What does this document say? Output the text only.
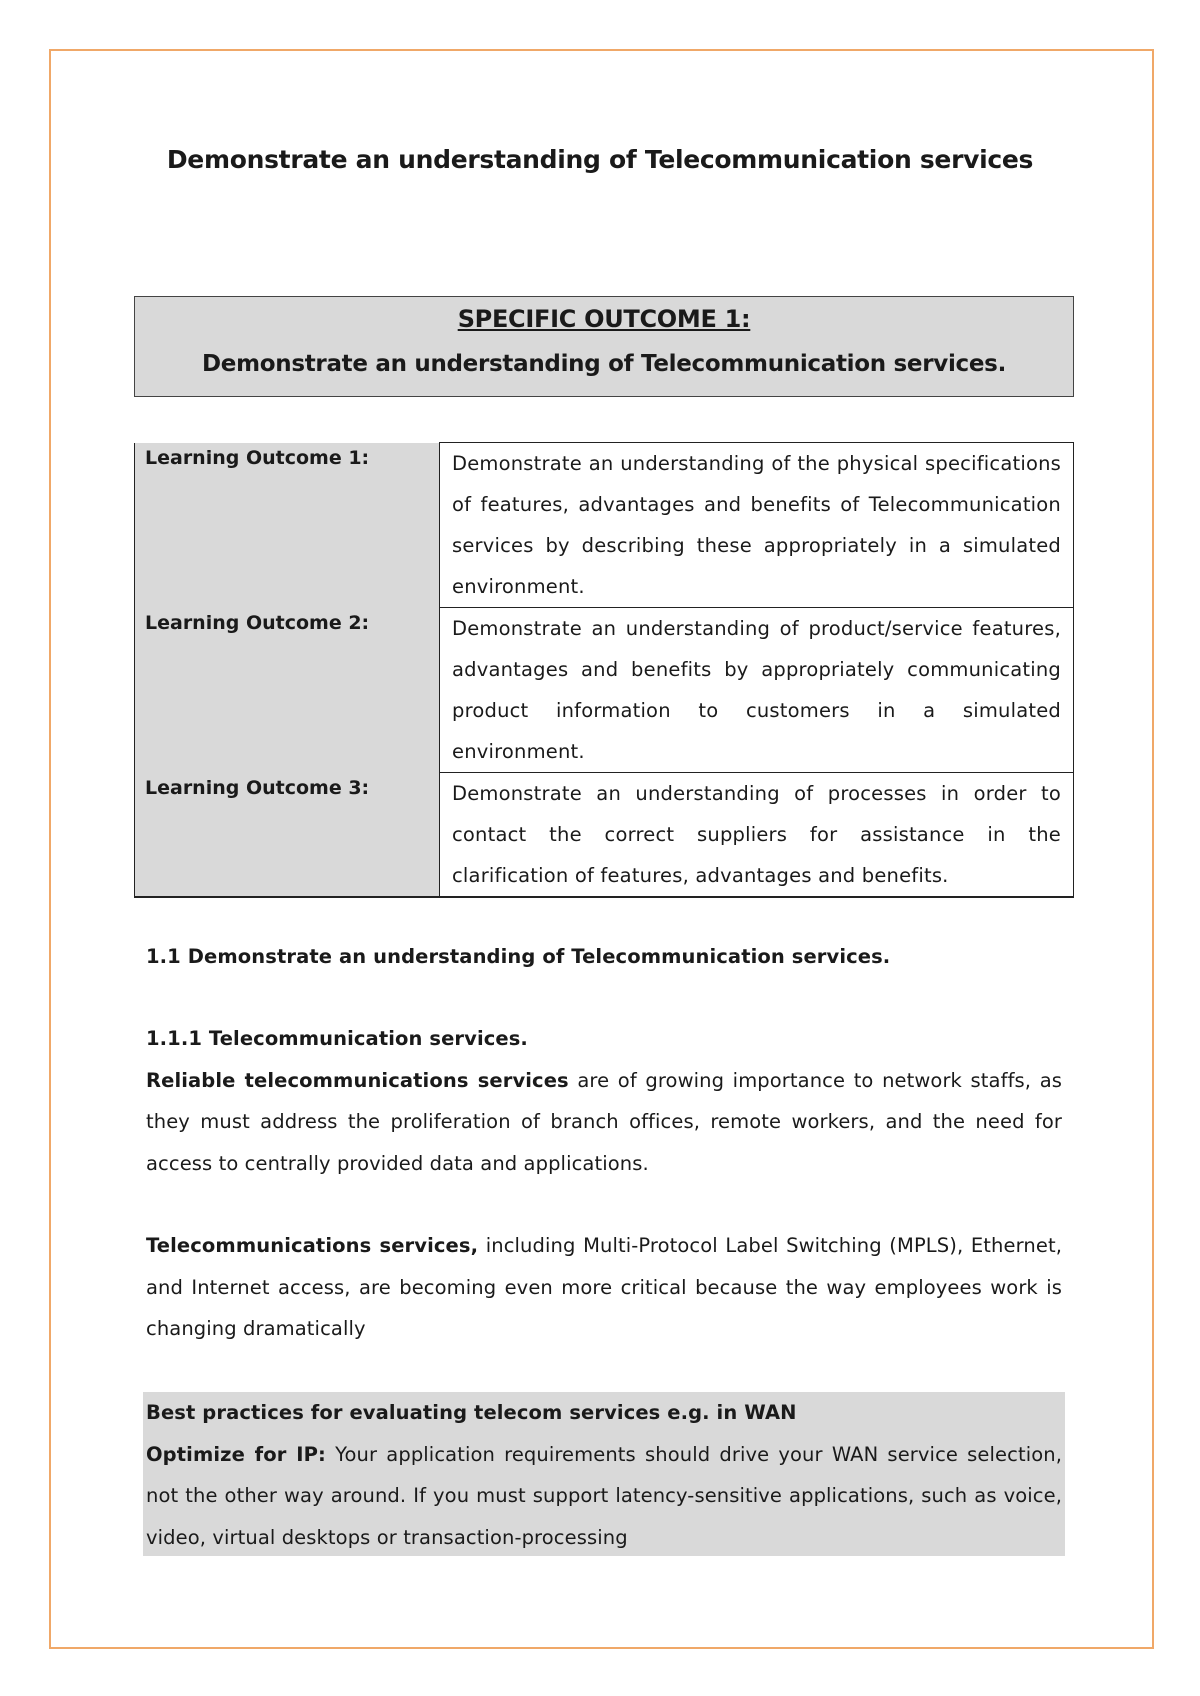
Demonstrate an understanding of Telecommunication services
SPECIFIC OUTCOME 1:
Demonstrate an understanding of Telecommunication services.
Learning Outcome 1:	Demonstrate an understanding of the physical specifications of features, advantages and benefits of Telecommunication services by describing these appropriately in a simulated environment.
Learning Outcome 2:	Demonstrate an understanding of product/service features, advantages and benefits by appropriately communicating product information to customers in a simulated environment.
Learning Outcome 3:	Demonstrate an understanding of processes in order to contact the correct suppliers for assistance in the clarification of features, advantages and benefits.
1.1 Demonstrate an understanding of Telecommunication services.
1.1.1 Telecommunication services.
Reliable telecommunications services are of growing importance to network staffs, as they must address the proliferation of branch offices, remote workers, and the need for access to centrally provided data and applications.
Telecommunications services, including Multi-Protocol Label Switching (MPLS), Ethernet, and Internet access, are becoming even more critical because the way employees work is changing dramatically
Best practices for evaluating telecom services e.g. in WAN
Optimize for IP: Your application requirements should drive your WAN service selection, not the other way around. If you must support latency-sensitive applications, such as voice, video, virtual desktops or transaction-processing
